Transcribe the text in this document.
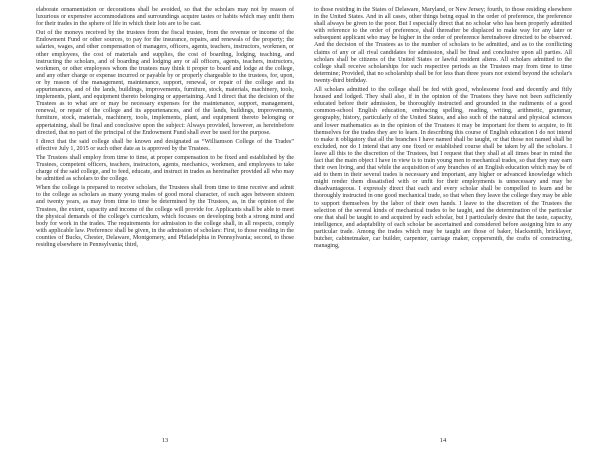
elaborate ornamentation or decorations shall be avoided, so that the scholars may not by reason of luxurious or expensive accommodations and surroundings acquire tastes or habits which may unfit them for their trades in the sphere of life in which their lots are to be cast.

Out of the moneys received by the trustees from the fiscal trustee, from the revenue or income of the Endowment Fund or other sources, to pay for the insurance, repairs, and renewals of the property; the salaries, wages, and other compensation of managers, officers, agents, teachers, instructors, workmen, or other employees, the cost of materials and supplies, the cost of boarding, lodging, teaching, and instructing the scholars, and of boarding and lodging any or all officers, agents, teachers, instructors, workmen, or other employees whom the trustees may think it proper to board and lodge at the college, and any other charge or expense incurred or payable by or properly chargeable to the trustees, for, upon, or by reason of the management, maintenance, support, renewal, or repair of the college and its appurtenances, and of the lands, buildings, improvements, furniture, stock, materials, machinery, tools, implements, plant, and equipment thereto belonging or appertaining. And I direct that the decision of the Trustees as to what are or may be necessary expenses for the maintenance, support, management, renewal, or repair of the college and its appurtenances, and of the lands, buildings, improvements, furniture, stock, materials, machinery, tools, implements, plant, and equipment thereto belonging or appertaining, shall be final and conclusive upon the subject: Always provided, however, as hereinbefore directed, that no part of the principal of the Endowment Fund shall ever be used for the purpose.

I direct that the said college shall be known and designated as “Williamson College of the Trades” effective July 1, 2015 or such other date as is approved by the Trustees.

The Trustees shall employ from time to time, at proper compensation to be fixed and established by the Trustees, competent officers, teachers, instructors, agents, mechanics, workmen, and employees to take charge of the said college, and to feed, educate, and instruct in trades as hereinafter provided all who may be admitted as scholars to the college.

When the college is prepared to receive scholars, the Trustees shall from time to time receive and admit to the college as scholars as many young males of good moral character, of such ages between sixteen and twenty years, as may from time to time be determined by the Trustees, as, in the opinion of the Trustees, the extent, capacity and income of the college will provide for. Applicants shall be able to meet the physical demands of the college's curriculum, which focuses on developing both a strong mind and body for work in the trades. The requirements for admission to the college shall, in all respects, comply with applicable law. Preference shall be given, in the admission of scholars: First, to those residing in the counties of Bucks, Chester, Delaware, Montgomery, and Philadelphia in Pennsylvania; second, to those residing elsewhere in Pennsylvania; third,

13

to those residing in the States of Delaware, Maryland, or New Jersey; fourth, to those residing elsewhere in the United States. And in all cases, other things being equal in the order of preference, the preference shall always be given to the poor. But I especially direct that no scholar who has been properly admitted with reference to the order of preference, shall thereafter be displaced to make way for any later or subsequent applicant who may be higher in the order of preference hereinabove directed to be observed. And the decision of the Trustees as to the number of scholars to be admitted, and as to the conflicting claims of any or all rival candidates for admission, shall be final and conclusive upon all parties. All scholars shall be citizens of the United States or lawful resident aliens. All scholars admitted to the college shall receive scholarships for such respective periods as the Trustees may from time to time determine; Provided, that no scholarship shall be for less than three years nor extend beyond the scholar's twenty-third birthday.

All scholars admitted to the college shall be fed with good, wholesome food and decently and fitly housed and lodged. They shall also, if in the opinion of the Trustees they have not been sufficiently educated before their admission, be thoroughly instructed and grounded in the rudiments of a good common-school English education, embracing spelling, reading, writing, arithmetic, grammar, geography, history, particularly of the United States, and also such of the natural and physical sciences and lower mathematics as in the opinion of the Trustees it may be important for them to acquire, to fit themselves for the trades they are to learn. In describing this course of English education I do not intend to make it obligatory that all the branches I have named shall be taught, or that those not named shall be excluded, nor do I intend that any one fixed or established course shall be taken by all the scholars. I leave all this to the discretion of the Trustees, but I request that they shall at all times bear in mind the fact that the main object I have in view is to train young men to mechanical trades, so that they may earn their own living, and that while the acquisition of any branches of an English education which may be of aid to them in their several trades is necessary and important, any higher or advanced knowledge which might render them dissatisfied with or unfit for their employments is unnecessary and may be disadvantageous. I expressly direct that each and every scholar shall be compelled to learn and be thoroughly instructed in one good mechanical trade, so that when they leave the college they may be able to support themselves by the labor of their own hands. I leave to the discretion of the Trustees the selection of the several kinds of mechanical trades to be taught, and the determination of the particular one that shall be taught to and acquired by each scholar, but I particularly desire that the taste, capacity, intelligence, and adaptability of each scholar be ascertained and considered before assigning him to any particular trade. Among the trades which may be taught are those of baker, blacksmith, bricklayer, butcher, cabinetmaker, car builder, carpenter, carriage maker, coppersmith, the crafts of constructing, managing,

14
